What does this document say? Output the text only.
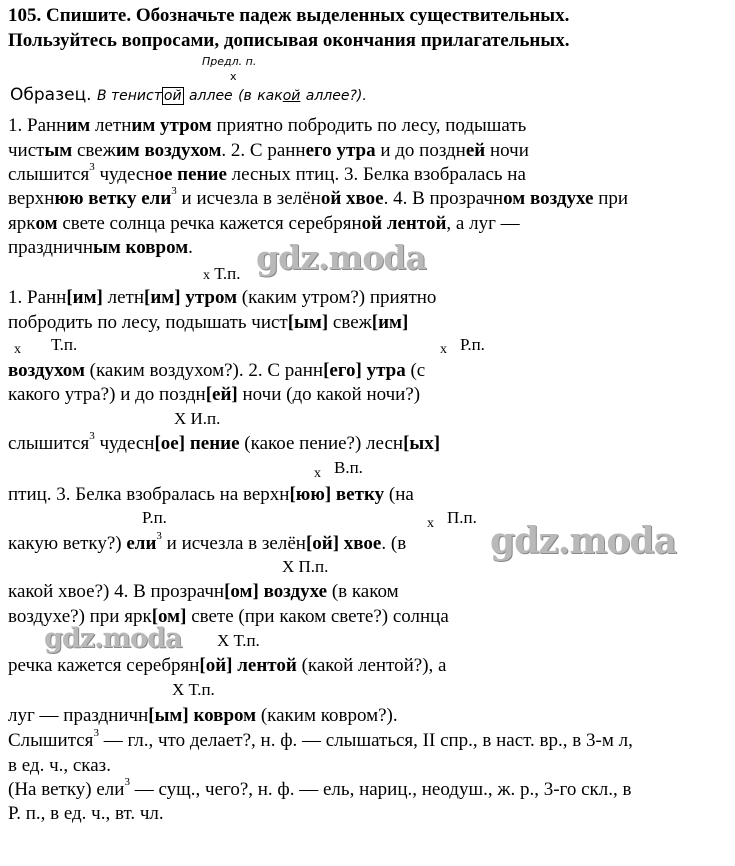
105. Спишите. Обозначьте падеж выделенных существительных.
Пользуйтесь вопросами, дописывая окончания прилагательных.
Предл. п.
x
Образец. В тенист ой аллее (в какой аллее?).
1. Ранним летним утром приятно побродить по лесу, подышать
чистым свежим воздухом. 2. С раннего утра и до поздней ночи
слышится$^3$ чудесное пение лесных птиц. 3. Белка взобралась на
верхнюю ветку ели$^3$ и исчезла в зелёной хвое. 4. В прозрачном воздухе при
ярком свете солнца речка кажется серебряной лентой, а луг —
праздничным ковром.
x Т.п.
1. Ранн[им] летн[им] утром (каким утром?) приятно
побродить по лесу, подышать чист[ым] свеж[им]
x Т.п.	x Р.п.
воздухом (каким воздухом?). 2. С ранн[его] утра (с
какого утра?) и до поздн[ей] ночи (до какой ночи?)
Х И.п.
слышится$^3$ чудесн[ое] пение (какое пение?) лесн[ых]
x В.п.
птиц. 3. Белка взобралась на верхн[юю] ветку (на
Р.п.	x П.п.
какую ветку?) ели$^3$ и исчезла в зелён[ой] хвое. (в
Х П.п.
какой хвое?) 4. В прозрачн[ом] воздухе (в каком
воздухе?) при ярк[ом] свете (при каком свете?) солнца
Х Т.п.
речка кажется серебрян[ой] лентой (какой лентой?), а
Х Т.п.
луг — праздничн[ым] ковром (каким ковром?).
Слышится$^3$ — гл., что делает?, н. ф. — слышаться, II спр., в наст. вр., в 3-м л,
в ед. ч., сказ.
(На ветку) ели$^3$ — сущ., чего?, н. ф. — ель, нариц., неодуш., ж. р., 3-го скл., в
Р. п., в ед. ч., вт. чл.
gdz.moda
gdz.moda
gdz.moda
